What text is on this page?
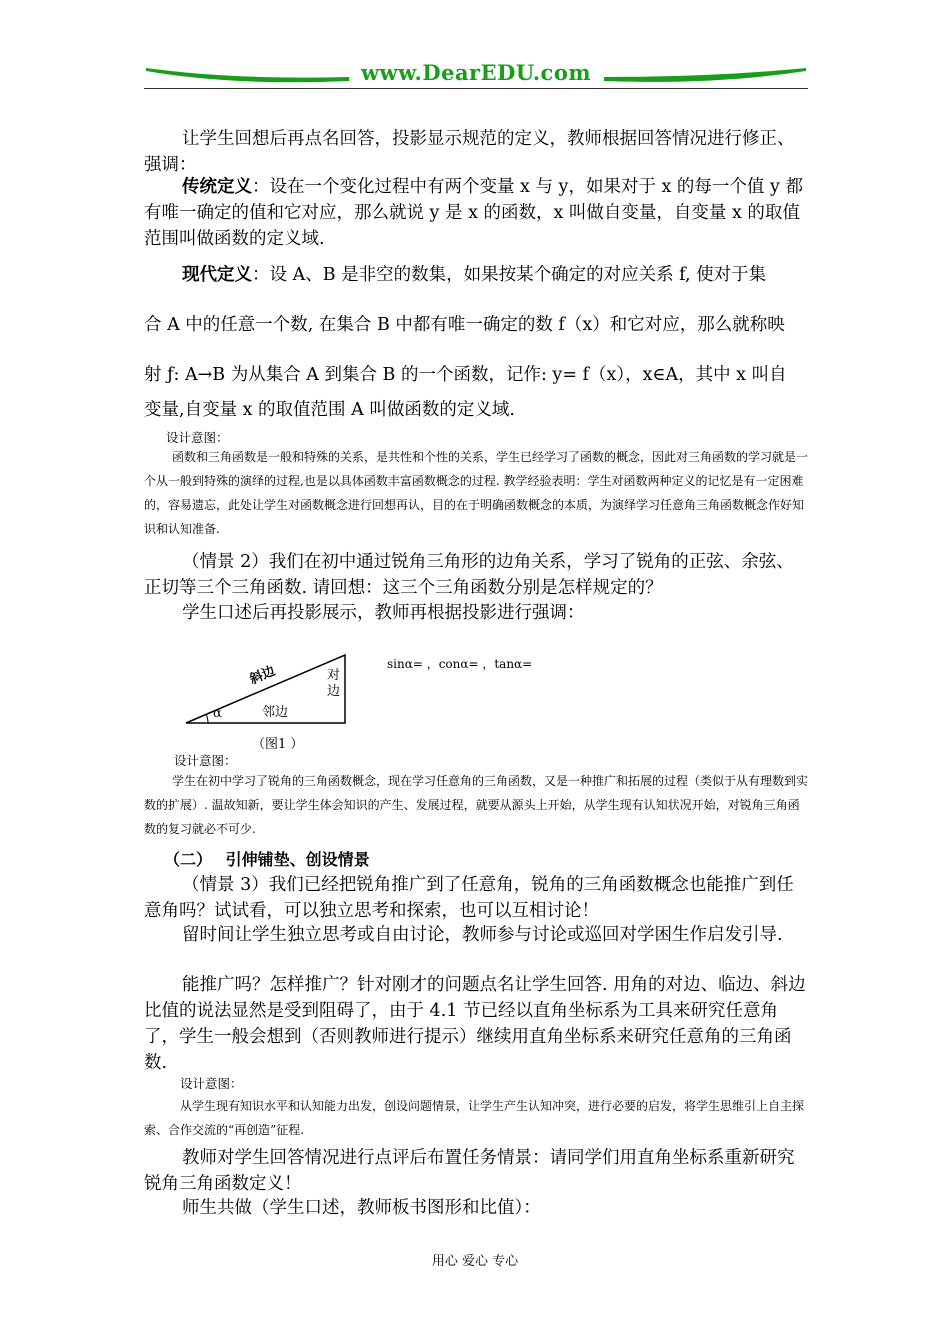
www.DearEDU.com

让学生回想后再点名回答，投影显示规范的定义，教师根据回答情况进行修正、强调：

传统定义：设在一个变化过程中有两个变量 x 与 y，如果对于 x 的每一个值 y 都有唯一确定的值和它对应，那么就说 y 是 x 的函数，x 叫做自变量，自变量 x 的取值范围叫做函数的定义域.

现代定义：设 A、B 是非空的数集，如果按某个确定的对应关系 f, 使对于集
合 A 中的任意一个数, 在集合 B 中都有唯一确定的数 f（x）和它对应，那么就称映
射 ƒ: A→B 为从集合 A 到集合 B 的一个函数，记作: y= f（x），x∈A，其中 x 叫自
变量,自变量 x 的取值范围 A 叫做函数的定义域.
设计意图：

函数和三角函数是一般和特殊的关系，是共性和个性的关系，学生已经学习了函数的概念，因此对三角函数的学习就是一个从一般到特殊的演绎的过程,也是以具体函数丰富函数概念的过程. 教学经验表明：学生对函数两种定义的记忆是有一定困难的，容易遗忘，此处让学生对函数概念进行回想再认，目的在于明确函数概念的本质，为演绎学习任意角三角函数概念作好知识和认知准备.

（情景 2）我们在初中通过锐角三角形的边角关系，学习了锐角的正弦、余弦、正切等三个三角函数. 请回想：这三个三角函数分别是怎样规定的？

学生口述后再投影展示，教师再根据投影进行强调：

α	邻边
斜边	对边
sinα= ，conα= ，tanα=
（图1 ）
设计意图：

学生在初中学习了锐角的三角函数概念，现在学习任意角的三角函数，又是一种推广和拓展的过程（类似于从有理数到实数的扩展）. 温故知新，要让学生体会知识的产生、发展过程，就要从源头上开始，从学生现有认知状况开始，对锐角三角函数的复习就必不可少.

（二）　 引伸铺垫、创设情景

（情景 3）我们已经把锐角推广到了任意角，锐角的三角函数概念也能推广到任意角吗？试试看，可以独立思考和探索，也可以互相讨论！

留时间让学生独立思考或自由讨论，教师参与讨论或巡回对学困生作启发引导.

能推广吗？怎样推广？针对刚才的问题点名让学生回答. 用角的对边、临边、斜边比值的说法显然是受到阻碍了，由于 4.1 节已经以直角坐标系为工具来研究任意角了，学生一般会想到（否则教师进行提示）继续用直角坐标系来研究任意角的三角函数.

设计意图：

从学生现有知识水平和认知能力出发，创设问题情景，让学生产生认知冲突，进行必要的启发，将学生思维引上自主探索、合作交流的“再创造”征程.

教师对学生回答情况进行点评后布置任务情景：请同学们用直角坐标系重新研究锐角三角函数定义！

师生共做（学生口述，教师板书图形和比值）：

用心 爱心 专心
